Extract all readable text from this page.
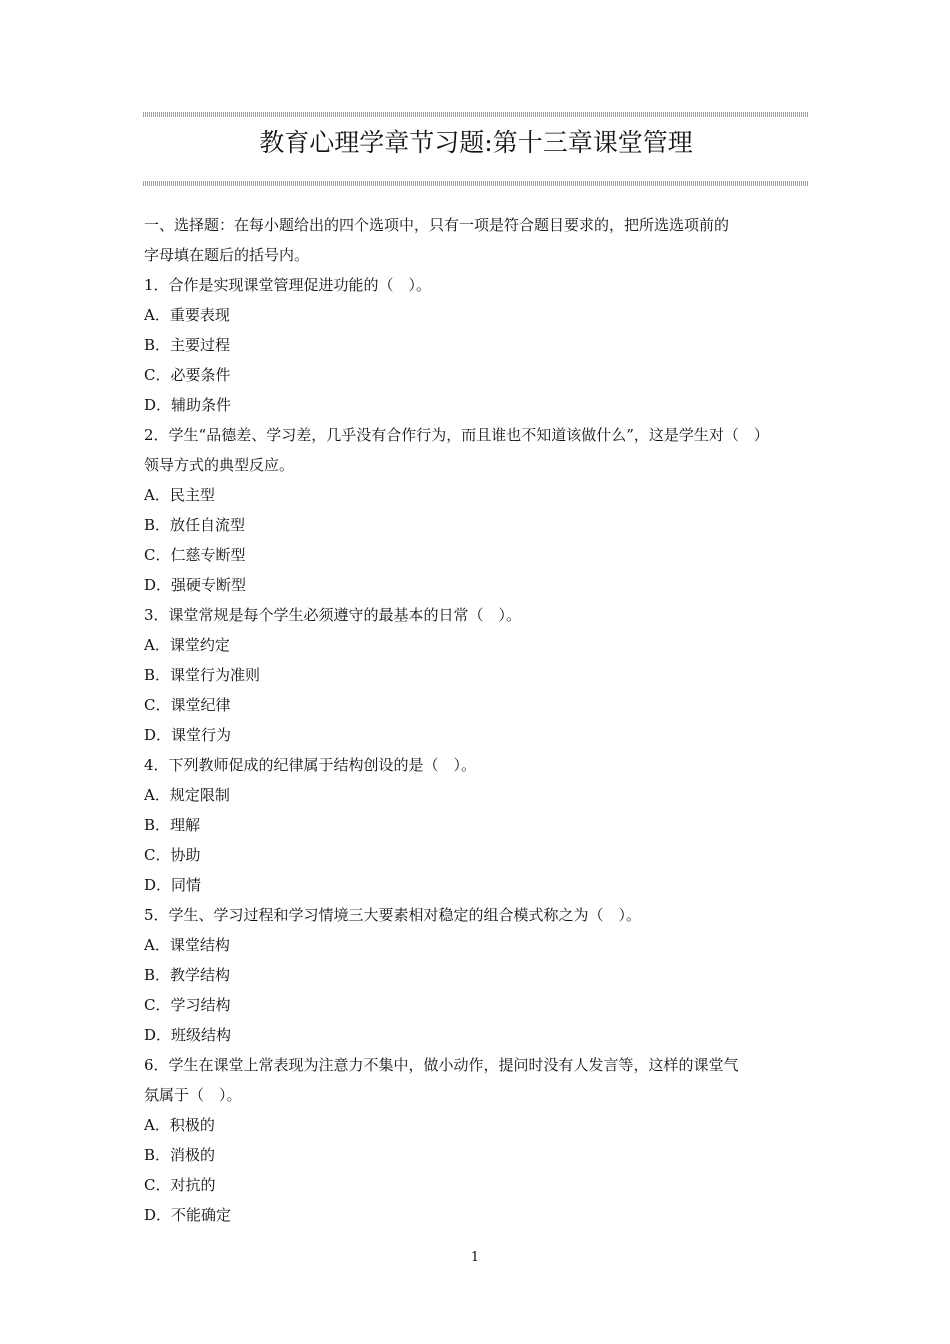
教育心理学章节习题:第十三章课堂管理
一、选择题：在每小题给出的四个选项中，只有一项是符合题目要求的，把所选选项前的
字母填在题后的括号内。
1．合作是实现课堂管理促进功能的（　）。
A．重要表现
B．主要过程
C．必要条件
D．辅助条件
2．学生“品德差、学习差，几乎没有合作行为，而且谁也不知道该做什么”，这是学生对（　）
领导方式的典型反应。
A．民主型
B．放任自流型
C．仁慈专断型
D．强硬专断型
3．课堂常规是每个学生必须遵守的最基本的日常（　）。
A．课堂约定
B．课堂行为准则
C．课堂纪律
D．课堂行为
4．下列教师促成的纪律属于结构创设的是（　）。
A．规定限制
B．理解
C．协助
D．同情
5．学生、学习过程和学习情境三大要素相对稳定的组合模式称之为（　）。
A．课堂结构
B．教学结构
C．学习结构
D．班级结构
6．学生在课堂上常表现为注意力不集中，做小动作，提问时没有人发言等，这样的课堂气
氛属于（　）。
A．积极的
B．消极的
C．对抗的
D．不能确定
1
